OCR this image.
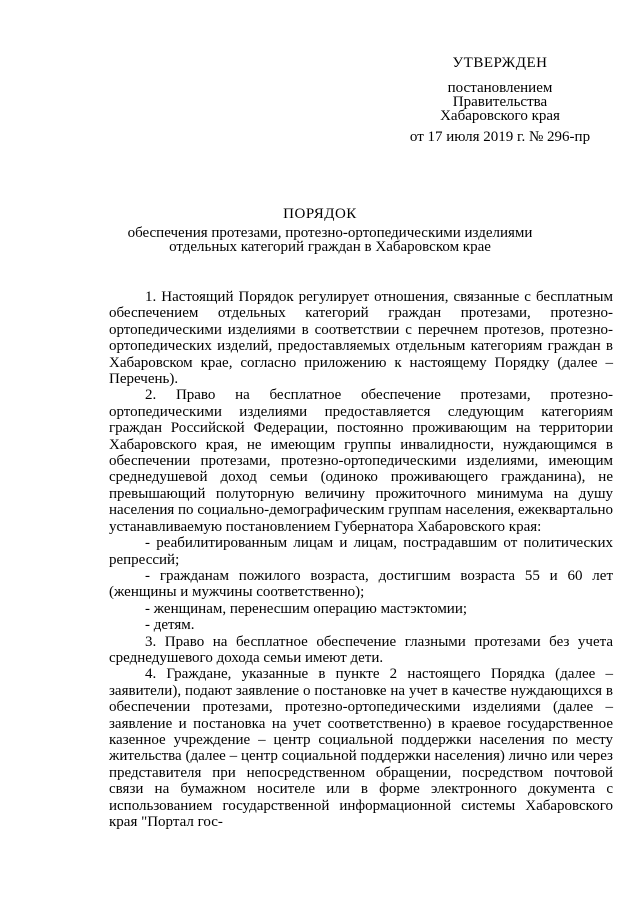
УТВЕРЖДЕН
постановлением
Правительства
Хабаровского края
от 17 июля 2019 г. № 296-пр
ПОРЯДОК
обеспечения протезами, протезно-ортопедическими изделиями
отдельных категорий граждан в Хабаровском крае

1. Настоящий Порядок регулирует отношения, связанные с бесплатным обеспечением отдельных категорий граждан протезами, протезно-ортопедическими изделиями в соответствии с перечнем протезов, протезно-ортопедических изделий, предоставляемых отдельным категориям граждан в Хабаровском крае, согласно приложению к настоящему Порядку (далее – Перечень).

2. Право на бесплатное обеспечение протезами, протезно-ортопедическими изделиями предоставляется следующим категориям граждан Российской Федерации, постоянно проживающим на территории Хабаровского края, не имеющим группы инвалидности, нуждающимся в обеспечении протезами, протезно-ортопедическими изделиями, имеющим среднедушевой доход семьи (одиноко проживающего гражданина), не превышающий полуторную величину прожиточного минимума на душу населения по социально-демографическим группам населения, ежеквартально устанавливаемую постановлением Губернатора Хабаровского края:

- реабилитированным лицам и лицам, пострадавшим от политических репрессий;

- гражданам пожилого возраста, достигшим возраста 55 и 60 лет (женщины и мужчины соответственно);

- женщинам, перенесшим операцию мастэктомии;

- детям.

3. Право на бесплатное обеспечение глазными протезами без учета среднедушевого дохода семьи имеют дети.

4. Граждане, указанные в пункте 2 настоящего Порядка (далее – заявители), подают заявление о постановке на учет в качестве нуждающихся в обеспечении протезами, протезно-ортопедическими изделиями (далее – заявление и постановка на учет соответственно) в краевое государственное казенное учреждение – центр социальной поддержки населения по месту жительства (далее – центр социальной поддержки населения) лично или через представителя при непосредственном обращении, посредством почтовой связи на бумажном носителе или в форме электронного документа с использованием государственной информационной системы Хабаровского края "Портал гос-
